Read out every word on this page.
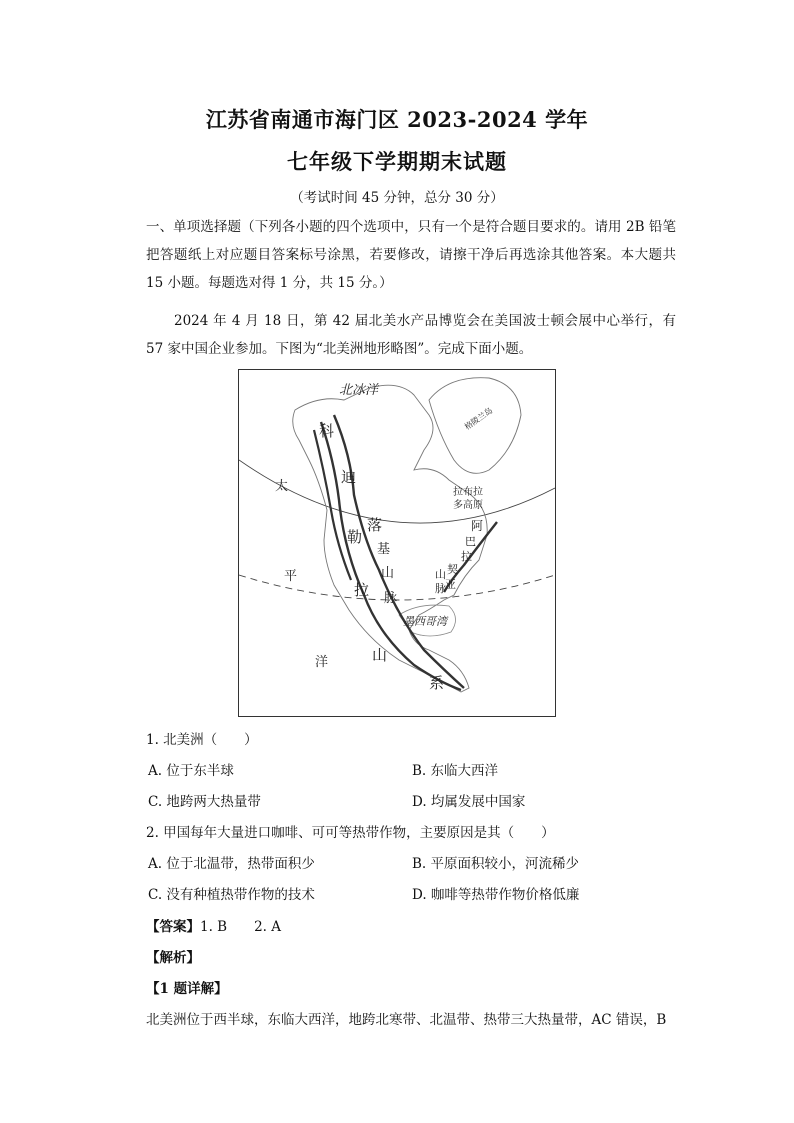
江苏省南通市海门区 2023-2024 学年
七年级下学期期末试题
（考试时间 45 分钟，总分 30 分）

一、单项选择题（下列各小题的四个选项中，只有一个是符合题目要求的。请用 2B 铅笔把答题纸上对应题目答案标号涂黑，若要修改，请擦干净后再选涂其他答案。本大题共 15 小题。每题选对得 1 分，共 15 分。）

2024 年 4 月 18 日，第 42 届北美水产品博览会在美国波士顿会展中心举行，有 57 家中国企业参加。下图为“北美洲地形略图”。完成下面小题。

北冰洋
太
平
洋
科
迪
勒
拉
山
系
落
基
山
脉
拉布拉
多高原
阿
巴
拉
契
亚
山
脉
墨西哥湾
格陵兰岛
1. 北美洲（　　）
A. 位于东半球	B. 东临大西洋
C. 地跨两大热量带	D. 均属发展中国家
2. 甲国每年大量进口咖啡、可可等热带作物，主要原因是其（　　）
A. 位于北温带，热带面积少	B. 平原面积较小，河流稀少
C. 没有种植热带作物的技术	D. 咖啡等热带作物价格低廉
【答案】1. B　　2. A
【解析】
【1 题详解】
北美洲位于西半球，东临大西洋，地跨北寒带、北温带、热带三大热量带，AC 错误，B
